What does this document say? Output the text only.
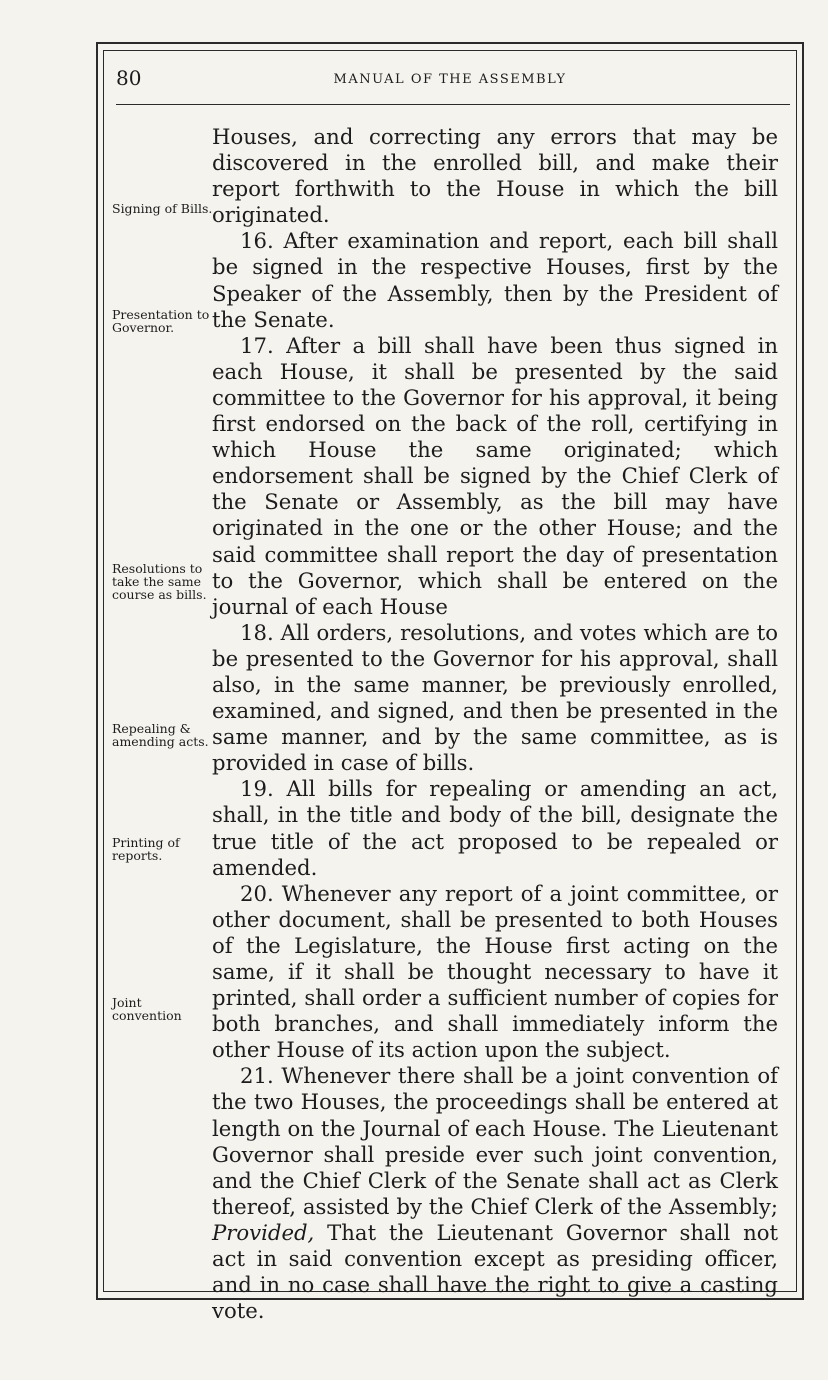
80	MANUAL OF THE ASSEMBLY
Signing of Bills.
Presentation to Governor.
Resolutions to take the same course as bills.
Repealing & amending acts.
Printing of reports.
Joint convention

Houses, and correcting any errors that may be discovered in the enrolled bill, and make their report forthwith to the House in which the bill originated.

16. After examination and report, each bill shall be signed in the respective Houses, first by the Speaker of the Assembly, then by the President of the Senate.

17. After a bill shall have been thus signed in each House, it shall be presented by the said committee to the Governor for his approval, it being first endorsed on the back of the roll, certifying in which House the same originated; which endorsement shall be signed by the Chief Clerk of the Senate or Assembly, as the bill may have originated in the one or the other House; and the said committee shall report the day of presentation to the Governor, which shall be entered on the journal of each House

18. All orders, resolutions, and votes which are to be presented to the Governor for his approval, shall also, in the same manner, be previously enrolled, examined, and signed, and then be presented in the same manner, and by the same committee, as is provided in case of bills.

19. All bills for repealing or amending an act, shall, in the title and body of the bill, designate the true title of the act proposed to be repealed or amended.

20. Whenever any report of a joint committee, or other document, shall be presented to both Houses of the Legislature, the House first acting on the same, if it shall be thought necessary to have it printed, shall order a sufficient number of copies for both branches, and shall immediately inform the other House of its action upon the subject.

21. Whenever there shall be a joint convention of the two Houses, the proceedings shall be entered at length on the Journal of each House. The Lieutenant Governor shall preside ever such joint convention, and the Chief Clerk of the Senate shall act as Clerk thereof, assisted by the Chief Clerk of the Assembly; Provided, That the Lieutenant Governor shall not act in said convention except as presiding officer, and in no case shall have the right to give a casting vote.
